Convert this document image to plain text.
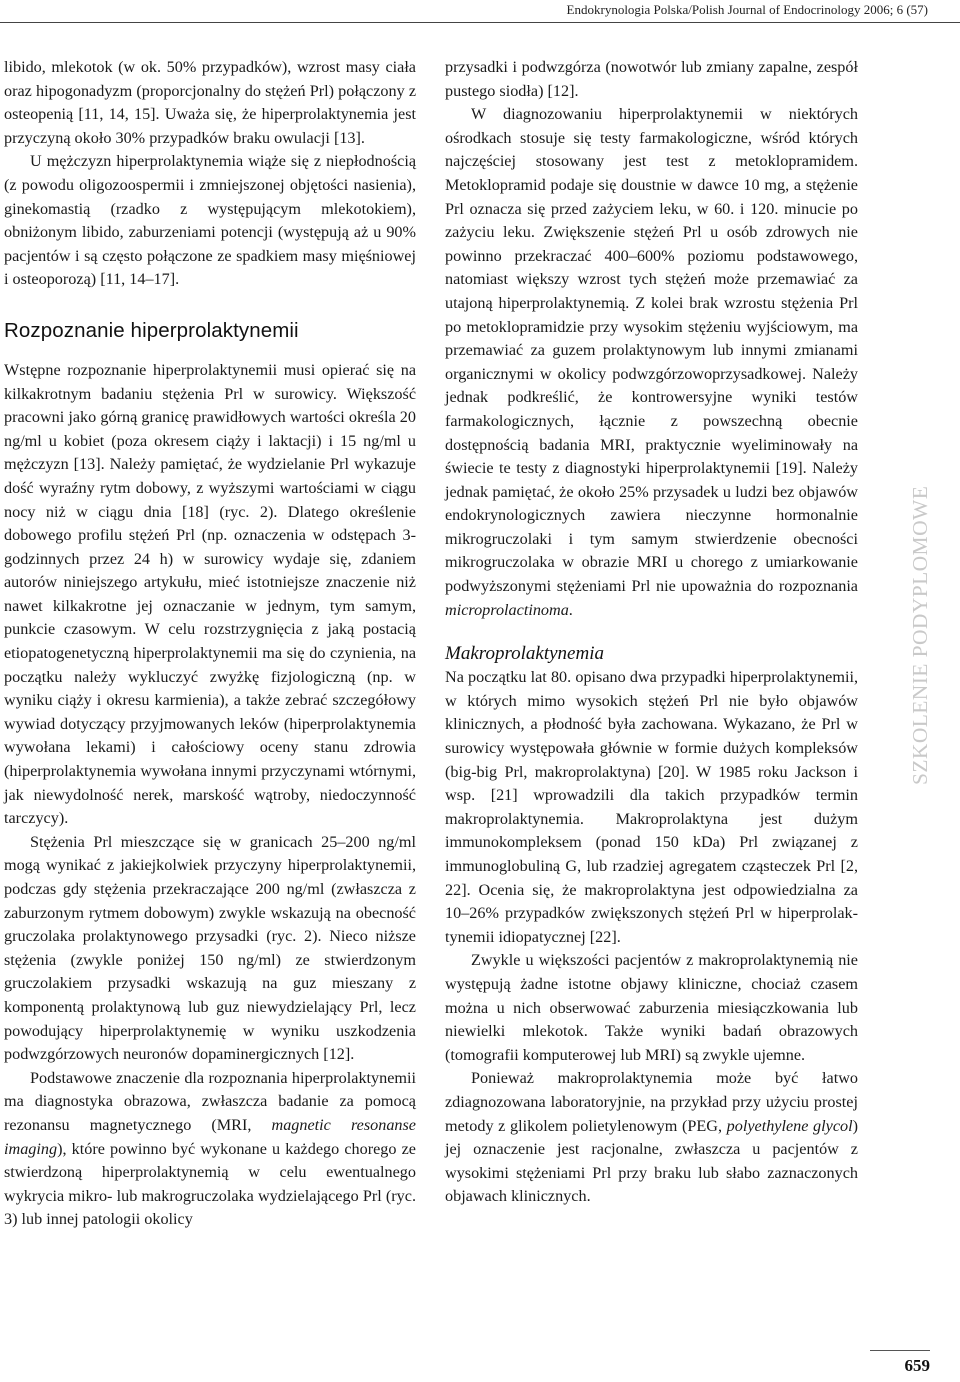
Endokrynologia Polska/Polish Journal of Endocrinology 2006; 6 (57)

libido, mlekotok (w ok. 50% przypadków), wzrost masy ciała oraz hipogonadyzm (proporcjonalny do stężeń Prl) połączony z osteopenią [11, 14, 15]. Uważa się, że hiperprolaktynemia jest przyczyną około 30% przypadków braku owulacji [13].

U mężczyzn hiperprolaktynemia wiąże się z niepłodnością (z powodu oligozoospermii i zmniejszonej objętości nasienia), ginekomastią (rzadko z występującym mlekotokiem), obniżonym libido, zaburzeniami potencji (występują aż u 90% pacjentów i są często połączone ze spadkiem masy mięśniowej i osteoporozą) [11, 14–17].

Rozpoznanie hiperprolaktynemii

Wstępne rozpoznanie hiperprolaktynemii musi opierać się na kilkakrotnym badaniu stężenia Prl w surowicy. Większość pracowni jako górną granicę prawidłowych wartości określa 20 ng/ml u kobiet (poza okresem ciąży i laktacji) i 15 ng/ml u mężczyzn [13]. Należy pamiętać, że wydzielanie Prl wykazuje dość wyraźny rytm dobowy, z wyższymi wartościami w ciągu nocy niż w ciągu dnia [18] (ryc. 2). Dlatego określenie dobowego profilu stężeń Prl (np. oznaczenia w odstępach 3-godzinnych przez 24 h) w surowicy wydaje się, zdaniem autorów niniejszego artykułu, mieć istotniejsze znaczenie niż nawet kilkakrotne jej oznaczanie w jednym, tym samym, punkcie czasowym. W celu rozstrzygnięcia z jaką postacią etiopatogenetyczną hiperprolaktynemii ma się do czynienia, na początku należy wykluczyć zwyżkę fizjologiczną (np. w wyniku ciąży i okresu karmienia), a także zebrać szczegółowy wywiad dotyczący przyjmowanych leków (hiperprolaktynemia wywołana lekami) i całościowy oceny stanu zdrowia (hiperprolaktynemia wywołana innymi przyczynami wtórnymi, jak niewydolność nerek, marskość wątroby, niedoczynność tarczycy).

Stężenia Prl mieszczące się w granicach 25–200 ng/ml mogą wynikać z jakiejkolwiek przyczyny hiperprolaktynemii, podczas gdy stężenia przekraczające 200 ng/ml (zwłaszcza z zaburzonym rytmem dobowym) zwykle wskazują na obecność gruczolaka prolaktynowego przysadki (ryc. 2). Nieco niższe stężenia (zwykle poniżej 150 ng/ml) ze stwierdzonym gruczolakiem przysadki wskazują na guz mieszany z komponentą prolaktynową lub guz niewydzielający Prl, lecz powodujący hiperprolaktynemię w wyniku uszkodzenia podwzgórzowych neuronów dopaminergicznych [12].

Podstawowe znaczenie dla rozpoznania hiperprolaktynemii ma diagnostyka obrazowa, zwłaszcza badanie za pomocą rezonansu magnetycznego (MRI, magnetic resonanse imaging), które powinno być wykonane u każdego chorego ze stwierdzoną hiperprolaktynemią w celu ewentualnego wykrycia mikro- lub makrogruczolaka wydzielającego Prl (ryc. 3) lub innej patologii okolicy

przysadki i podwzgórza (nowotwór lub zmiany zapalne, zespół pustego siodła) [12].

W diagnozowaniu hiperprolaktynemii w niektórych ośrodkach stosuje się testy farmakologiczne, wśród których najczęściej stosowany jest test z metoklopramidem. Metoklopramid podaje się doustnie w dawce 10 mg, a stężenie Prl oznacza się przed zażyciem leku, w 60. i 120. minucie po zażyciu leku. Zwiększenie stężeń Prl u osób zdrowych nie powinno przekraczać 400–600% poziomu podstawowego, natomiast większy wzrost tych stężeń może przemawiać za utajoną hiperprolaktynemią. Z kolei brak wzrostu stężenia Prl po metoklopramidzie przy wysokim stężeniu wyjściowym, ma przemawiać za guzem prolaktynowym lub innymi zmianami organicznymi w okolicy podwzgórzowoprzysadkowej. Należy jednak podkreślić, że kontrowersyjne wyniki testów farmakologicznych, łącznie z powszechną obecnie dostępnością badania MRI, praktycznie wyeliminowały na świecie te testy z diagnostyki hiperprolaktynemii [19]. Należy jednak pamiętać, że około 25% przysadek u ludzi bez objawów endokrynologicznych zawiera nieczynne hormonalnie mikrogruczolaki i tym samym stwierdzenie obecności mikrogruczolaka w obrazie MRI u chorego z umiarkowanie podwyższonymi stężeniami Prl nie upoważnia do rozpoznania microprolactinoma.

Makroprolaktynemia

Na początku lat 80. opisano dwa przypadki hiperprolaktynemii, w których mimo wysokich stężeń Prl nie było objawów klinicznych, a płodność była zachowana. Wykazano, że Prl w surowicy występowała głównie w formie dużych kompleksów (big-big Prl, makroprolaktyna) [20]. W 1985 roku Jackson i wsp. [21] wprowadzili dla takich przypadków termin makroprolaktynemia. Makroprolaktyna jest dużym immunokompleksem (ponad 150 kDa) Prl związanej z immunoglobuliną G, lub rzadziej agregatem cząsteczek Prl [2, 22]. Ocenia się, że makroprolaktyna jest odpowiedzialna za 10–26% przypadków zwiększonych stężeń Prl w hiperprolaktynemii idiopatycznej [22].

Zwykle u większości pacjentów z makroprolaktynemią nie występują żadne istotne objawy kliniczne, chociaż czasem można u nich obserwować zaburzenia miesiączkowania lub niewielki mlekotok. Także wyniki badań obrazowych (tomografii komputerowej lub MRI) są zwykle ujemne.

Ponieważ makroprolaktynemia może być łatwo zdiagnozowana laboratoryjnie, na przykład przy użyciu prostej metody z glikolem polietylenowym (PEG, polyethylene glycol) jej oznaczenie jest racjonalne, zwłaszcza u pacjentów z wysokimi stężeniami Prl przy braku lub słabo zaznaczonych objawach klinicznych.

SZKOLENIE PODYPLOMOWE
659
